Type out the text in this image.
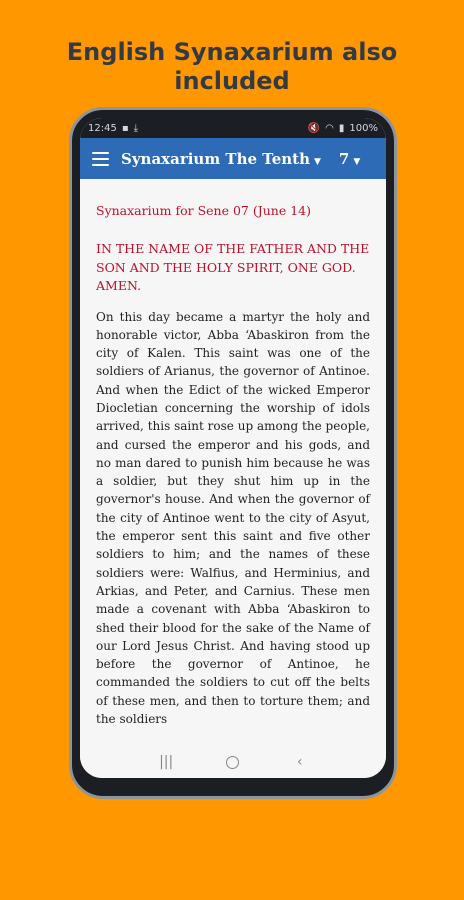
English Synaxarium also
included
12:45 ▪ ⤓	🔇 ◠ ▮ 100%
Synaxarium The Tenth ▼	7 ▼

Synaxarium for Sene 07 (June 14)

IN THE NAME OF THE FATHER AND THE SON AND THE HOLY SPIRIT, ONE GOD. AMEN.

On this day became a martyr the holy and honorable victor, Abba ‘Abaskiron from the city of Kalen. This saint was one of the soldiers of Arianus, the governor of Antinoe. And when the Edict of the wicked Emperor Diocletian concerning the worship of idols arrived, this saint rose up among the people, and cursed the emperor and his gods, and no man dared to punish him because he was a soldier, but they shut him up in the governor's house. And when the governor of the city of Antinoe went to the city of Asyut, the emperor sent this saint and five other soldiers to him; and the names of these soldiers were: Walfius, and Herminius, and Arkias, and Peter, and Carnius. These men made a covenant with Abba ‘Abaskiron to shed their blood for the sake of the Name of our Lord Jesus Christ. And having stood up before the governor of Antinoe, he commanded the soldiers to cut off the belts of these men, and then to torture them; and the soldiers

|||	‹
